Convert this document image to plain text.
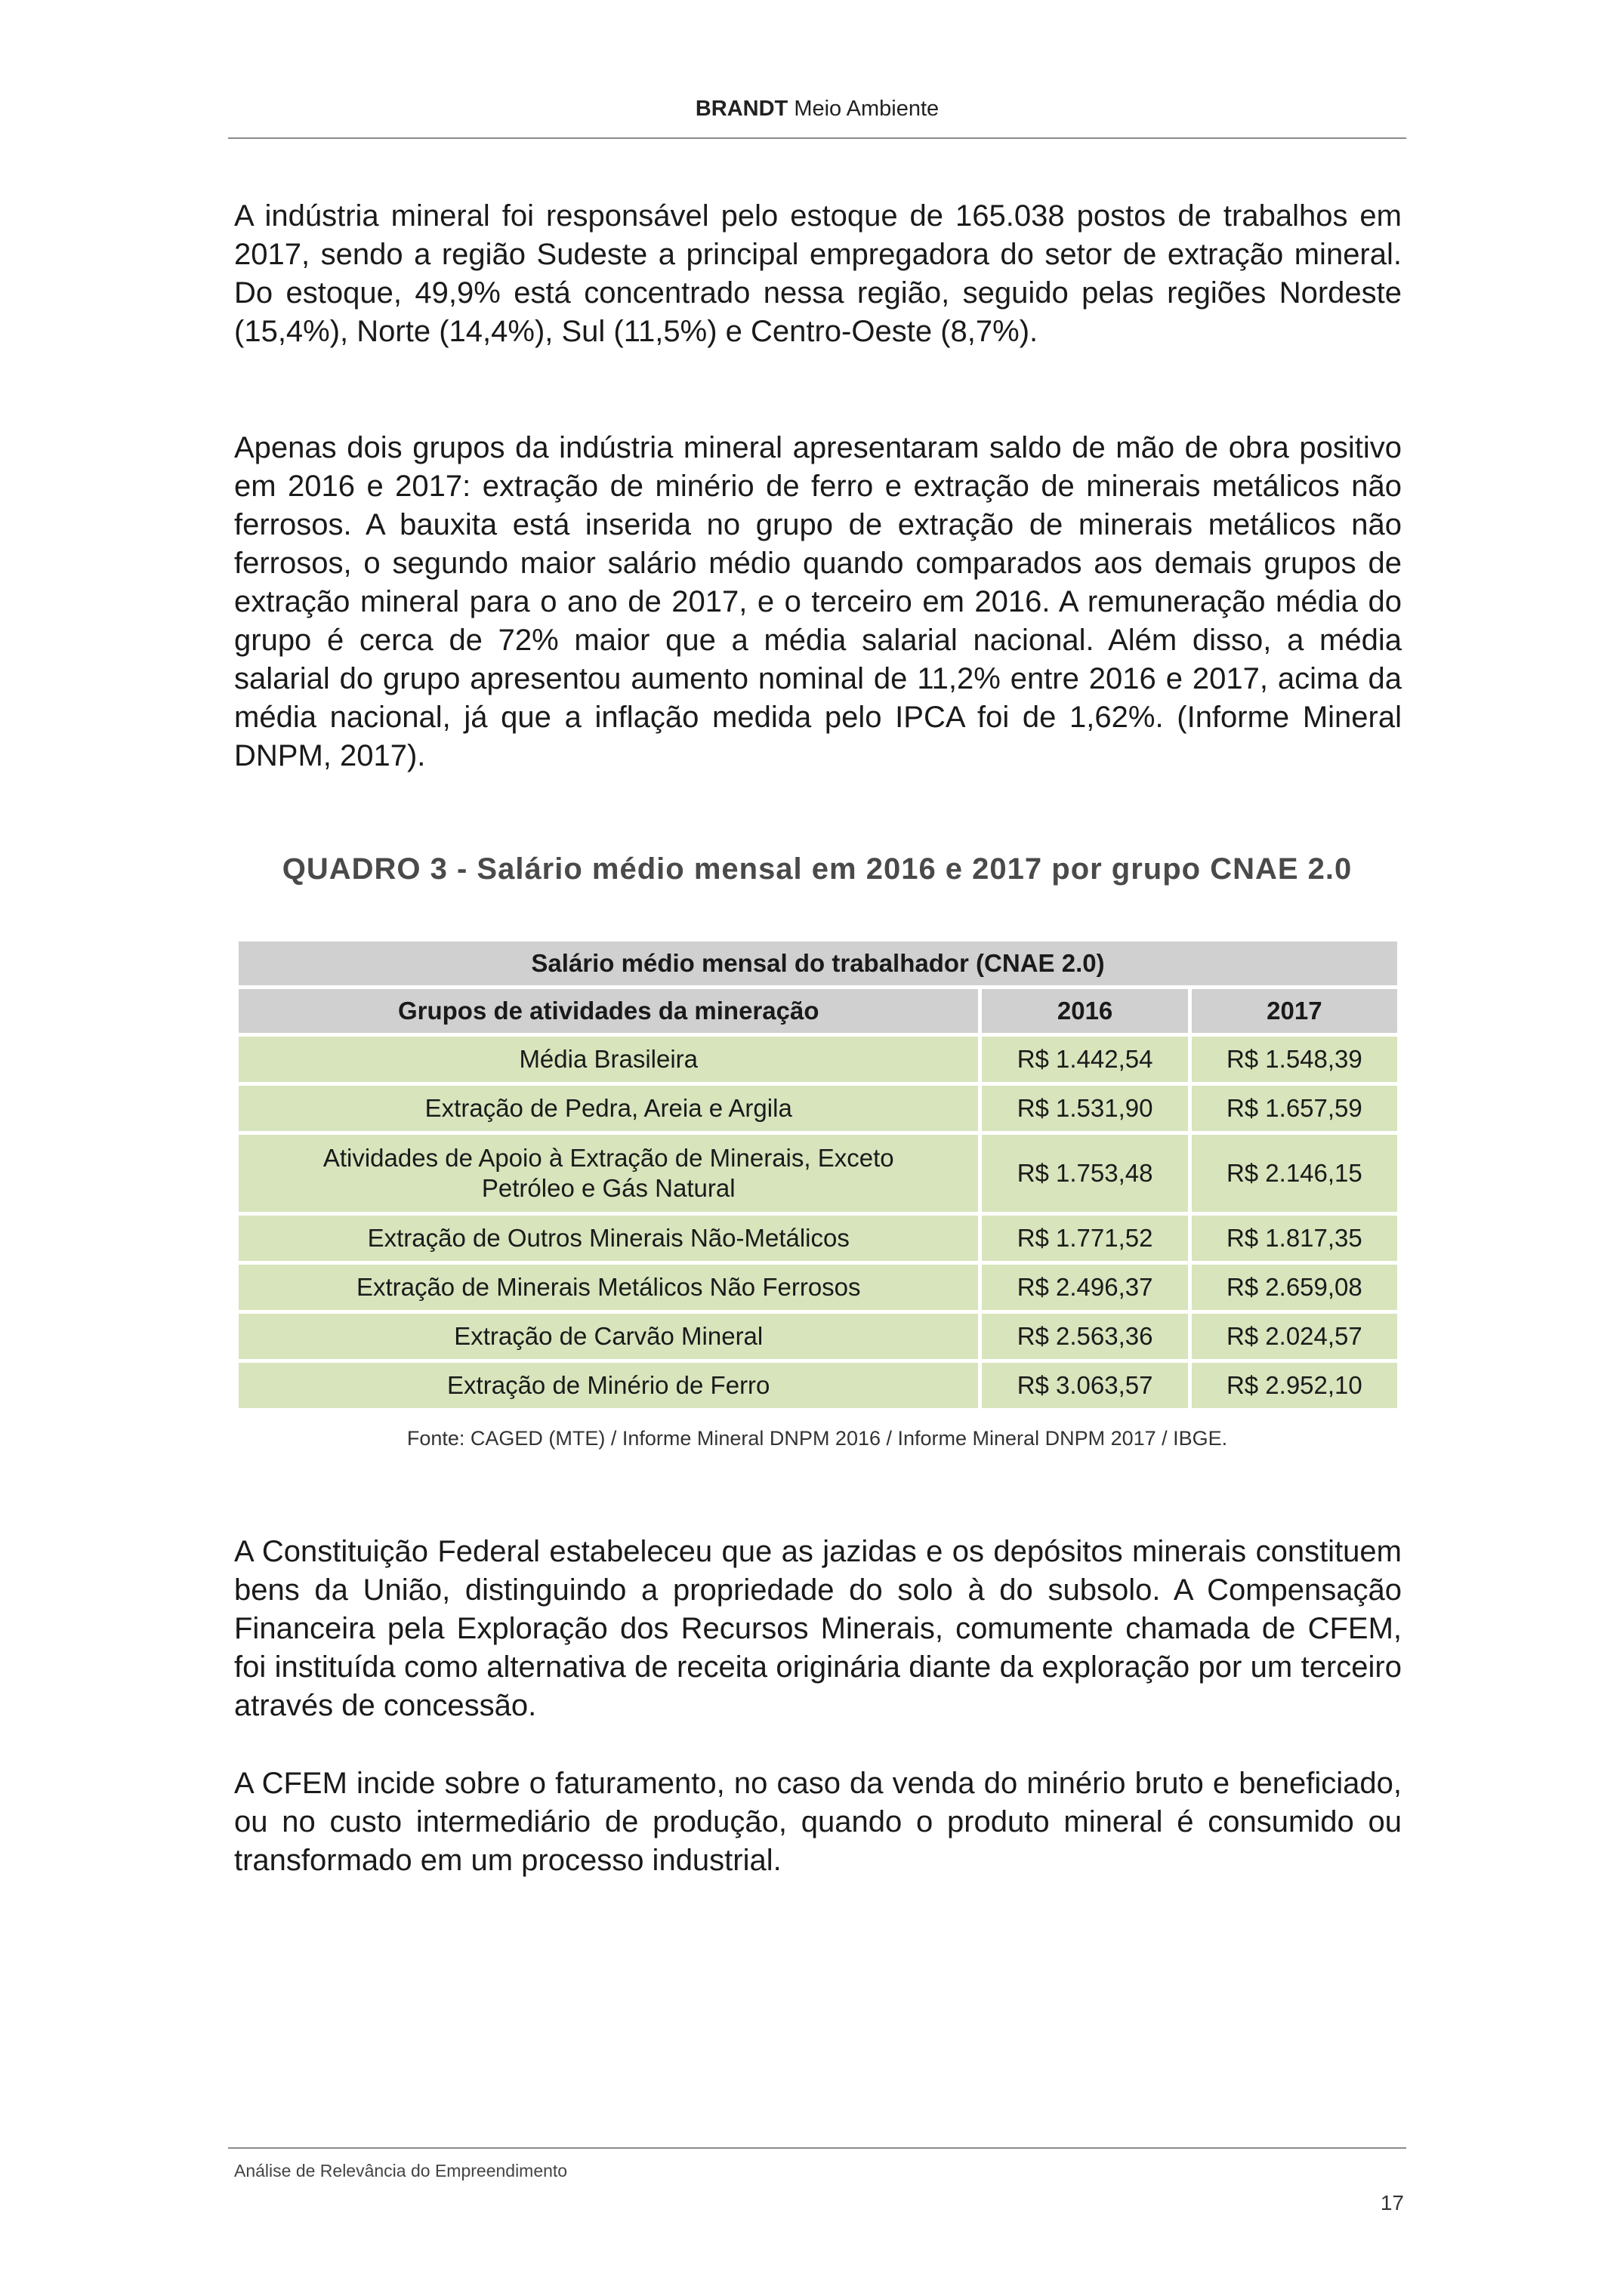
BRANDT Meio Ambiente

A indústria mineral foi responsável pelo estoque de 165.038 postos de trabalhos em 2017, sendo a região Sudeste a principal empregadora do setor de extração mineral. Do estoque, 49,9% está concentrado nessa região, seguido pelas regiões Nordeste (15,4%), Norte (14,4%), Sul (11,5%) e Centro-Oeste (8,7%).

Apenas dois grupos da indústria mineral apresentaram saldo de mão de obra positivo em 2016 e 2017: extração de minério de ferro e extração de minerais metálicos não ferrosos. A bauxita está inserida no grupo de extração de minerais metálicos não ferrosos, o segundo maior salário médio quando comparados aos demais grupos de extração mineral para o ano de 2017, e o terceiro em 2016. A remuneração média do grupo é cerca de 72% maior que a média salarial nacional. Além disso, a média salarial do grupo apresentou aumento nominal de 11,2% entre 2016 e 2017, acima da média nacional, já que a inflação medida pelo IPCA foi de 1,62%. (Informe Mineral DNPM, 2017).

QUADRO 3 - Salário médio mensal em 2016 e 2017 por grupo CNAE 2.0
Salário médio mensal do trabalhador (CNAE 2.0)		
Grupos de atividades da mineração	2016	2017
Média Brasileira	R$ 1.442,54	R$ 1.548,39
Extração de Pedra, Areia e Argila	R$ 1.531,90	R$ 1.657,59
Atividades de Apoio à Extração de Minerais, Exceto Petróleo e Gás Natural	R$ 1.753,48	R$ 2.146,15
Extração de Outros Minerais Não-Metálicos	R$ 1.771,52	R$ 1.817,35
Extração de Minerais Metálicos Não Ferrosos	R$ 2.496,37	R$ 2.659,08
Extração de Carvão Mineral	R$ 2.563,36	R$ 2.024,57
Extração de Minério de Ferro	R$ 3.063,57	R$ 2.952,10
Fonte: CAGED (MTE) / Informe Mineral DNPM 2016 / Informe Mineral DNPM 2017 / IBGE.

A Constituição Federal estabeleceu que as jazidas e os depósitos minerais constituem bens da União, distinguindo a propriedade do solo à do subsolo. A Compensação Financeira pela Exploração dos Recursos Minerais, comumente chamada de CFEM, foi instituída como alternativa de receita originária diante da exploração por um terceiro através de concessão.

A CFEM incide sobre o faturamento, no caso da venda do minério bruto e beneficiado, ou no custo intermediário de produção, quando o produto mineral é consumido ou transformado em um processo industrial.

Análise de Relevância do Empreendimento
17
